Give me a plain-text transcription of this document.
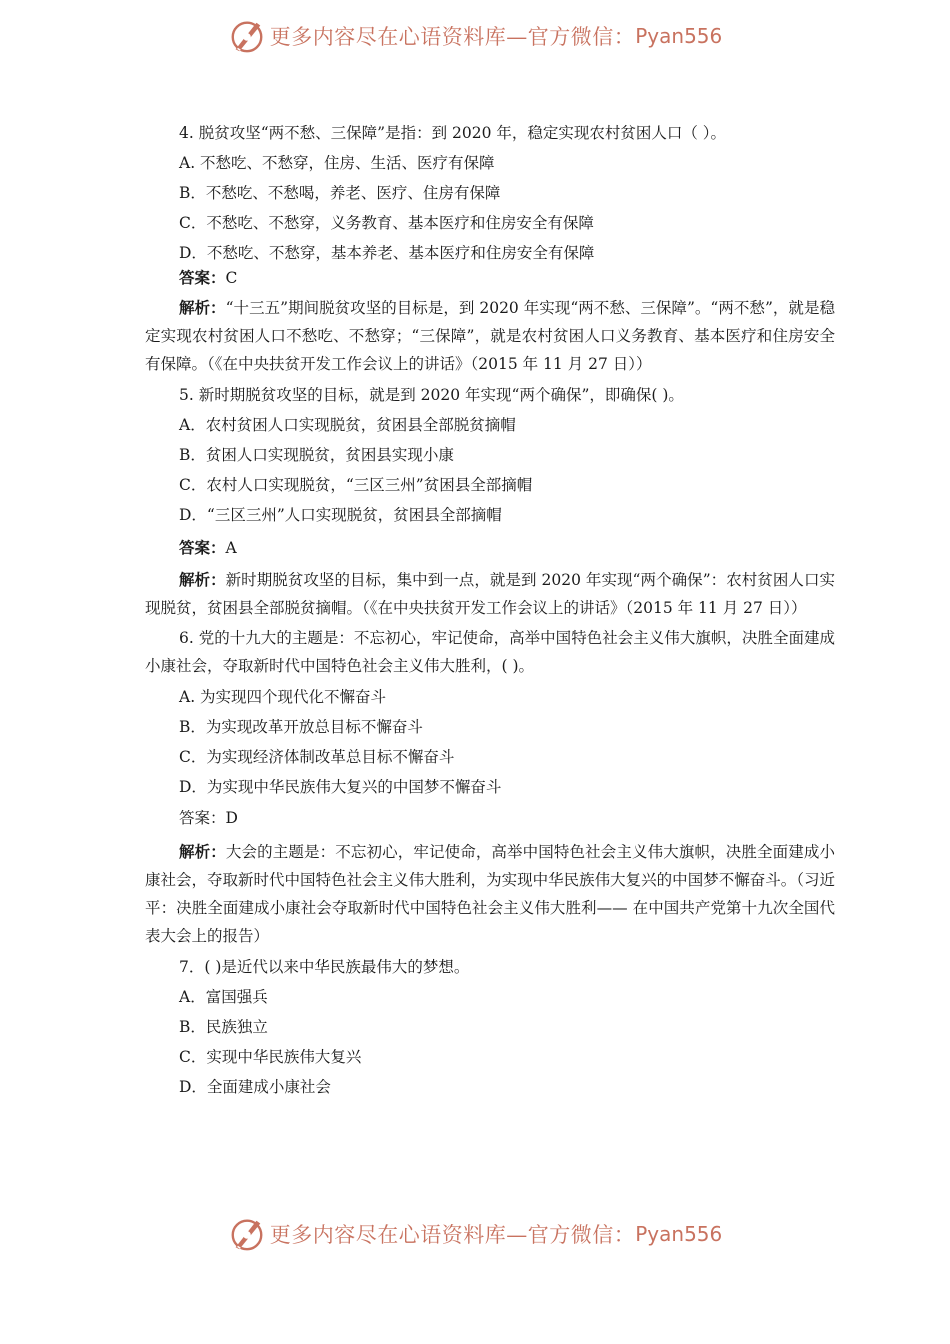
更多内容尽在心语资料库—官方微信： Pyan556
4. 脱贫攻坚“两不愁、三保障”是指：到 2020 年，稳定实现农村贫困人口（ ）。
A. 不愁吃、不愁穿，住房、生活、医疗有保障
B．不愁吃、不愁喝，养老、医疗、住房有保障
C．不愁吃、不愁穿，义务教育、基本医疗和住房安全有保障
D．不愁吃、不愁穿，基本养老、基本医疗和住房安全有保障
答案：C
解析：“十三五”期间脱贫攻坚的目标是，到 2020 年实现“两不愁、三保障”。“两不愁”，就是稳定实现农村贫困人口不愁吃、不愁穿；“三保障”，就是农村贫困人口义务教育、基本医疗和住房安全有保障。（《在中央扶贫开发工作会议上的讲话》（2015 年 11 月 27 日））
5. 新时期脱贫攻坚的目标，就是到 2020 年实现“两个确保”，即确保( )。
A．农村贫困人口实现脱贫，贫困县全部脱贫摘帽
B．贫困人口实现脱贫，贫困县实现小康
C．农村人口实现脱贫，“三区三州”贫困县全部摘帽
D．“三区三州”人口实现脱贫，贫困县全部摘帽
答案：A
解析：新时期脱贫攻坚的目标，集中到一点，就是到 2020 年实现“两个确保”：农村贫困人口实现脱贫，贫困县全部脱贫摘帽。（《在中央扶贫开发工作会议上的讲话》（2015 年 11 月 27 日））
6. 党的十九大的主题是：不忘初心，牢记使命，高举中国特色社会主义伟大旗帜，决胜全面建成小康社会，夺取新时代中国特色社会主义伟大胜利，( )。
A. 为实现四个现代化不懈奋斗
B．为实现改革开放总目标不懈奋斗
C．为实现经济体制改革总目标不懈奋斗
D．为实现中华民族伟大复兴的中国梦不懈奋斗
答案：D
解析：大会的主题是：不忘初心，牢记使命，高举中国特色社会主义伟大旗帜，决胜全面建成小康社会，夺取新时代中国特色社会主义伟大胜利，为实现中华民族伟大复兴的中国梦不懈奋斗。（习近平：决胜全面建成小康社会夺取新时代中国特色社会主义伟大胜利—— 在中国共产党第十九次全国代表大会上的报告）
7．( )是近代以来中华民族最伟大的梦想。
A．富国强兵
B．民族独立
C．实现中华民族伟大复兴
D．全面建成小康社会
更多内容尽在心语资料库—官方微信： Pyan556
